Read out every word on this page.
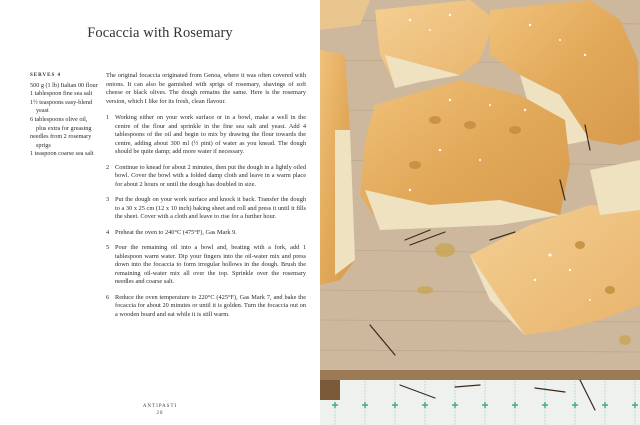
Focaccia with Rosemary
SERVES 4
500 g (1 lb) Italian 00 flour
1 tablespoon fine sea salt
1½ teaspoons easy-blend yeast
6 tablespoons olive oil, plus extra for greasing
needles from 2 rosemary sprigs
1 teaspoon coarse sea salt

The original focaccia originated from Genoa, where it was often covered with onions. It can also be garnished with sprigs of rosemary, shavings of soft cheese or black olives. The dough remains the same. Here is the rosemary version, which I like for its fresh, clean flavour.

1 Working either on your work surface or in a bowl, make a well in the centre of the flour and sprinkle in the fine sea salt and yeast. Add 4 tablespoons of the oil and begin to mix by drawing the flour towards the centre, adding about 300 ml (½ pint) of water as you knead. The dough should be quite damp; add more water if necessary.
2 Continue to knead for about 2 minutes, then put the dough in a lightly oiled bowl. Cover the bowl with a folded damp cloth and leave in a warm place for about 2 hours or until the dough has doubled in size.
3 Put the dough on your work surface and knock it back. Transfer the dough to a 30 x 25 cm (12 x 10 inch) baking sheet and roll and press it until it fills the sheet. Cover with a cloth and leave to rise for a further hour.
4 Preheat the oven to 240°C (475°F), Gas Mark 9.
5 Pour the remaining oil into a bowl and, beating with a fork, add 1 tablespoon warm water. Dip your fingers into the oil-water mix and press down into the focaccia to form irregular hollows in the dough. Brush the remaining oil-water mix all over the top. Sprinkle over the rosemary needles and coarse salt.
6 Reduce the oven temperature to 220°C (425°F), Gas Mark 7, and bake the focaccia for about 20 minutes or until it is golden. Turn the focaccia out on a wooden board and eat while it is still warm.
ANTIPASTI
28
